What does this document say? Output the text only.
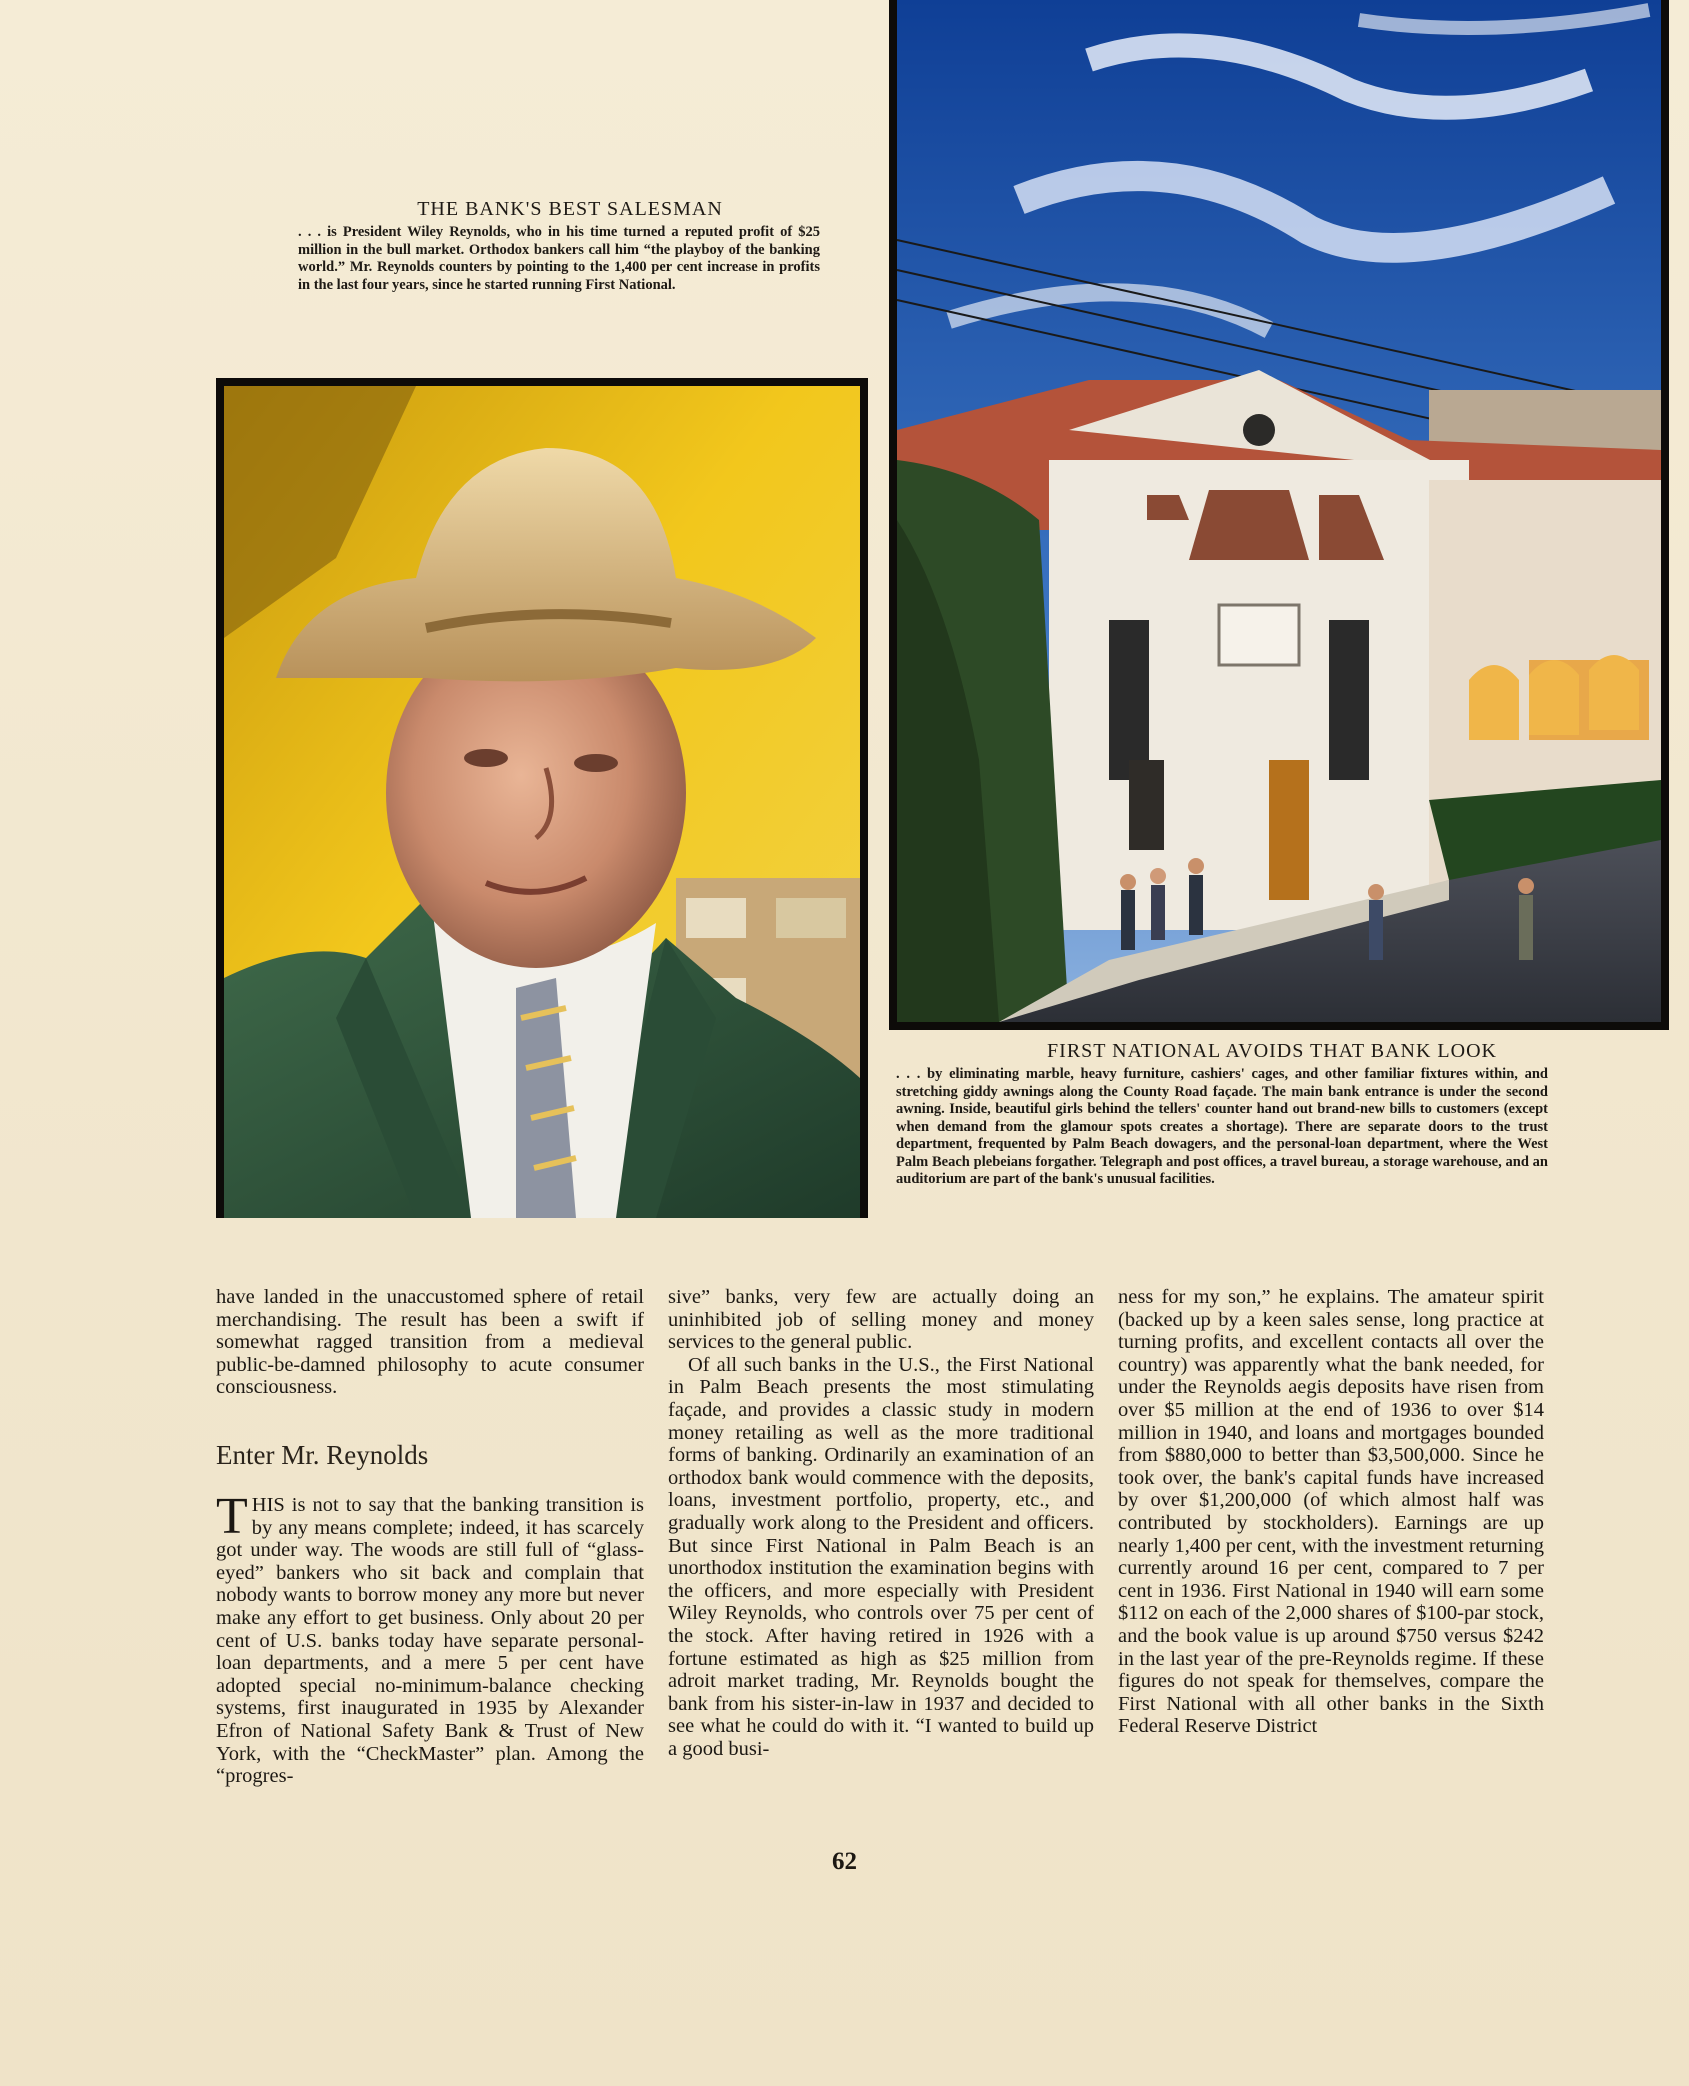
THE BANK'S BEST SALESMAN
. . . is President Wiley Reynolds, who in his time turned a reputed profit of $25 million in the bull market. Orthodox bankers call him “the playboy of the banking world.” Mr. Reynolds counters by pointing to the 1,400 per cent increase in profits in the last four years, since he started running First National.
FIRST NATIONAL AVOIDS THAT BANK LOOK
. . . by eliminating marble, heavy furniture, cashiers' cages, and other familiar fixtures within, and stretching giddy awnings along the County Road façade. The main bank entrance is under the second awning. Inside, beautiful girls behind the tellers' counter hand out brand-new bills to customers (except when demand from the glamour spots creates a shortage). There are separate doors to the trust department, frequented by Palm Beach dowagers, and the personal-loan department, where the West Palm Beach plebeians forgather. Telegraph and post offices, a travel bureau, a storage warehouse, and an auditorium are part of the bank's unusual facilities.

have landed in the unaccustomed sphere of retail merchandising. The result has been a swift if somewhat ragged transition from a medieval public-be-damned philosophy to acute consumer consciousness.

Enter Mr. Reynolds

THIS is not to say that the banking transition is by any means complete; indeed, it has scarcely got under way. The woods are still full of “glass-eyed” bankers who sit back and complain that nobody wants to borrow money any more but never make any effort to get business. Only about 20 per cent of U.S. banks today have separate personal-loan departments, and a mere 5 per cent have adopted special no-minimum-balance checking systems, first inaugurated in 1935 by Alexander Efron of National Safety Bank & Trust of New York, with the “CheckMaster” plan. Among the “progres-

sive” banks, very few are actually doing an uninhibited job of selling money and money services to the general public.

Of all such banks in the U.S., the First National in Palm Beach presents the most stimulating façade, and provides a classic study in modern money retailing as well as the more traditional forms of banking. Ordinarily an examination of an orthodox bank would commence with the deposits, loans, investment portfolio, property, etc., and gradually work along to the President and officers. But since First National in Palm Beach is an unorthodox institution the examination begins with the officers, and more especially with President Wiley Reynolds, who controls over 75 per cent of the stock. After having retired in 1926 with a fortune estimated as high as $25 million from adroit market trading, Mr. Reynolds bought the bank from his sister-in-law in 1937 and decided to see what he could do with it. “I wanted to build up a good busi-

ness for my son,” he explains. The amateur spirit (backed up by a keen sales sense, long practice at turning profits, and excellent contacts all over the country) was apparently what the bank needed, for under the Reynolds aegis deposits have risen from over $5 million at the end of 1936 to over $14 million in 1940, and loans and mortgages bounded from $880,000 to better than $3,500,000. Since he took over, the bank's capital funds have increased by over $1,200,000 (of which almost half was contributed by stockholders). Earnings are up nearly 1,400 per cent, with the investment returning currently around 16 per cent, compared to 7 per cent in 1936. First National in 1940 will earn some $112 on each of the 2,000 shares of $100-par stock, and the book value is up around $750 versus $242 in the last year of the pre-Reynolds regime. If these figures do not speak for themselves, compare the First National with all other banks in the Sixth Federal Reserve District

62
